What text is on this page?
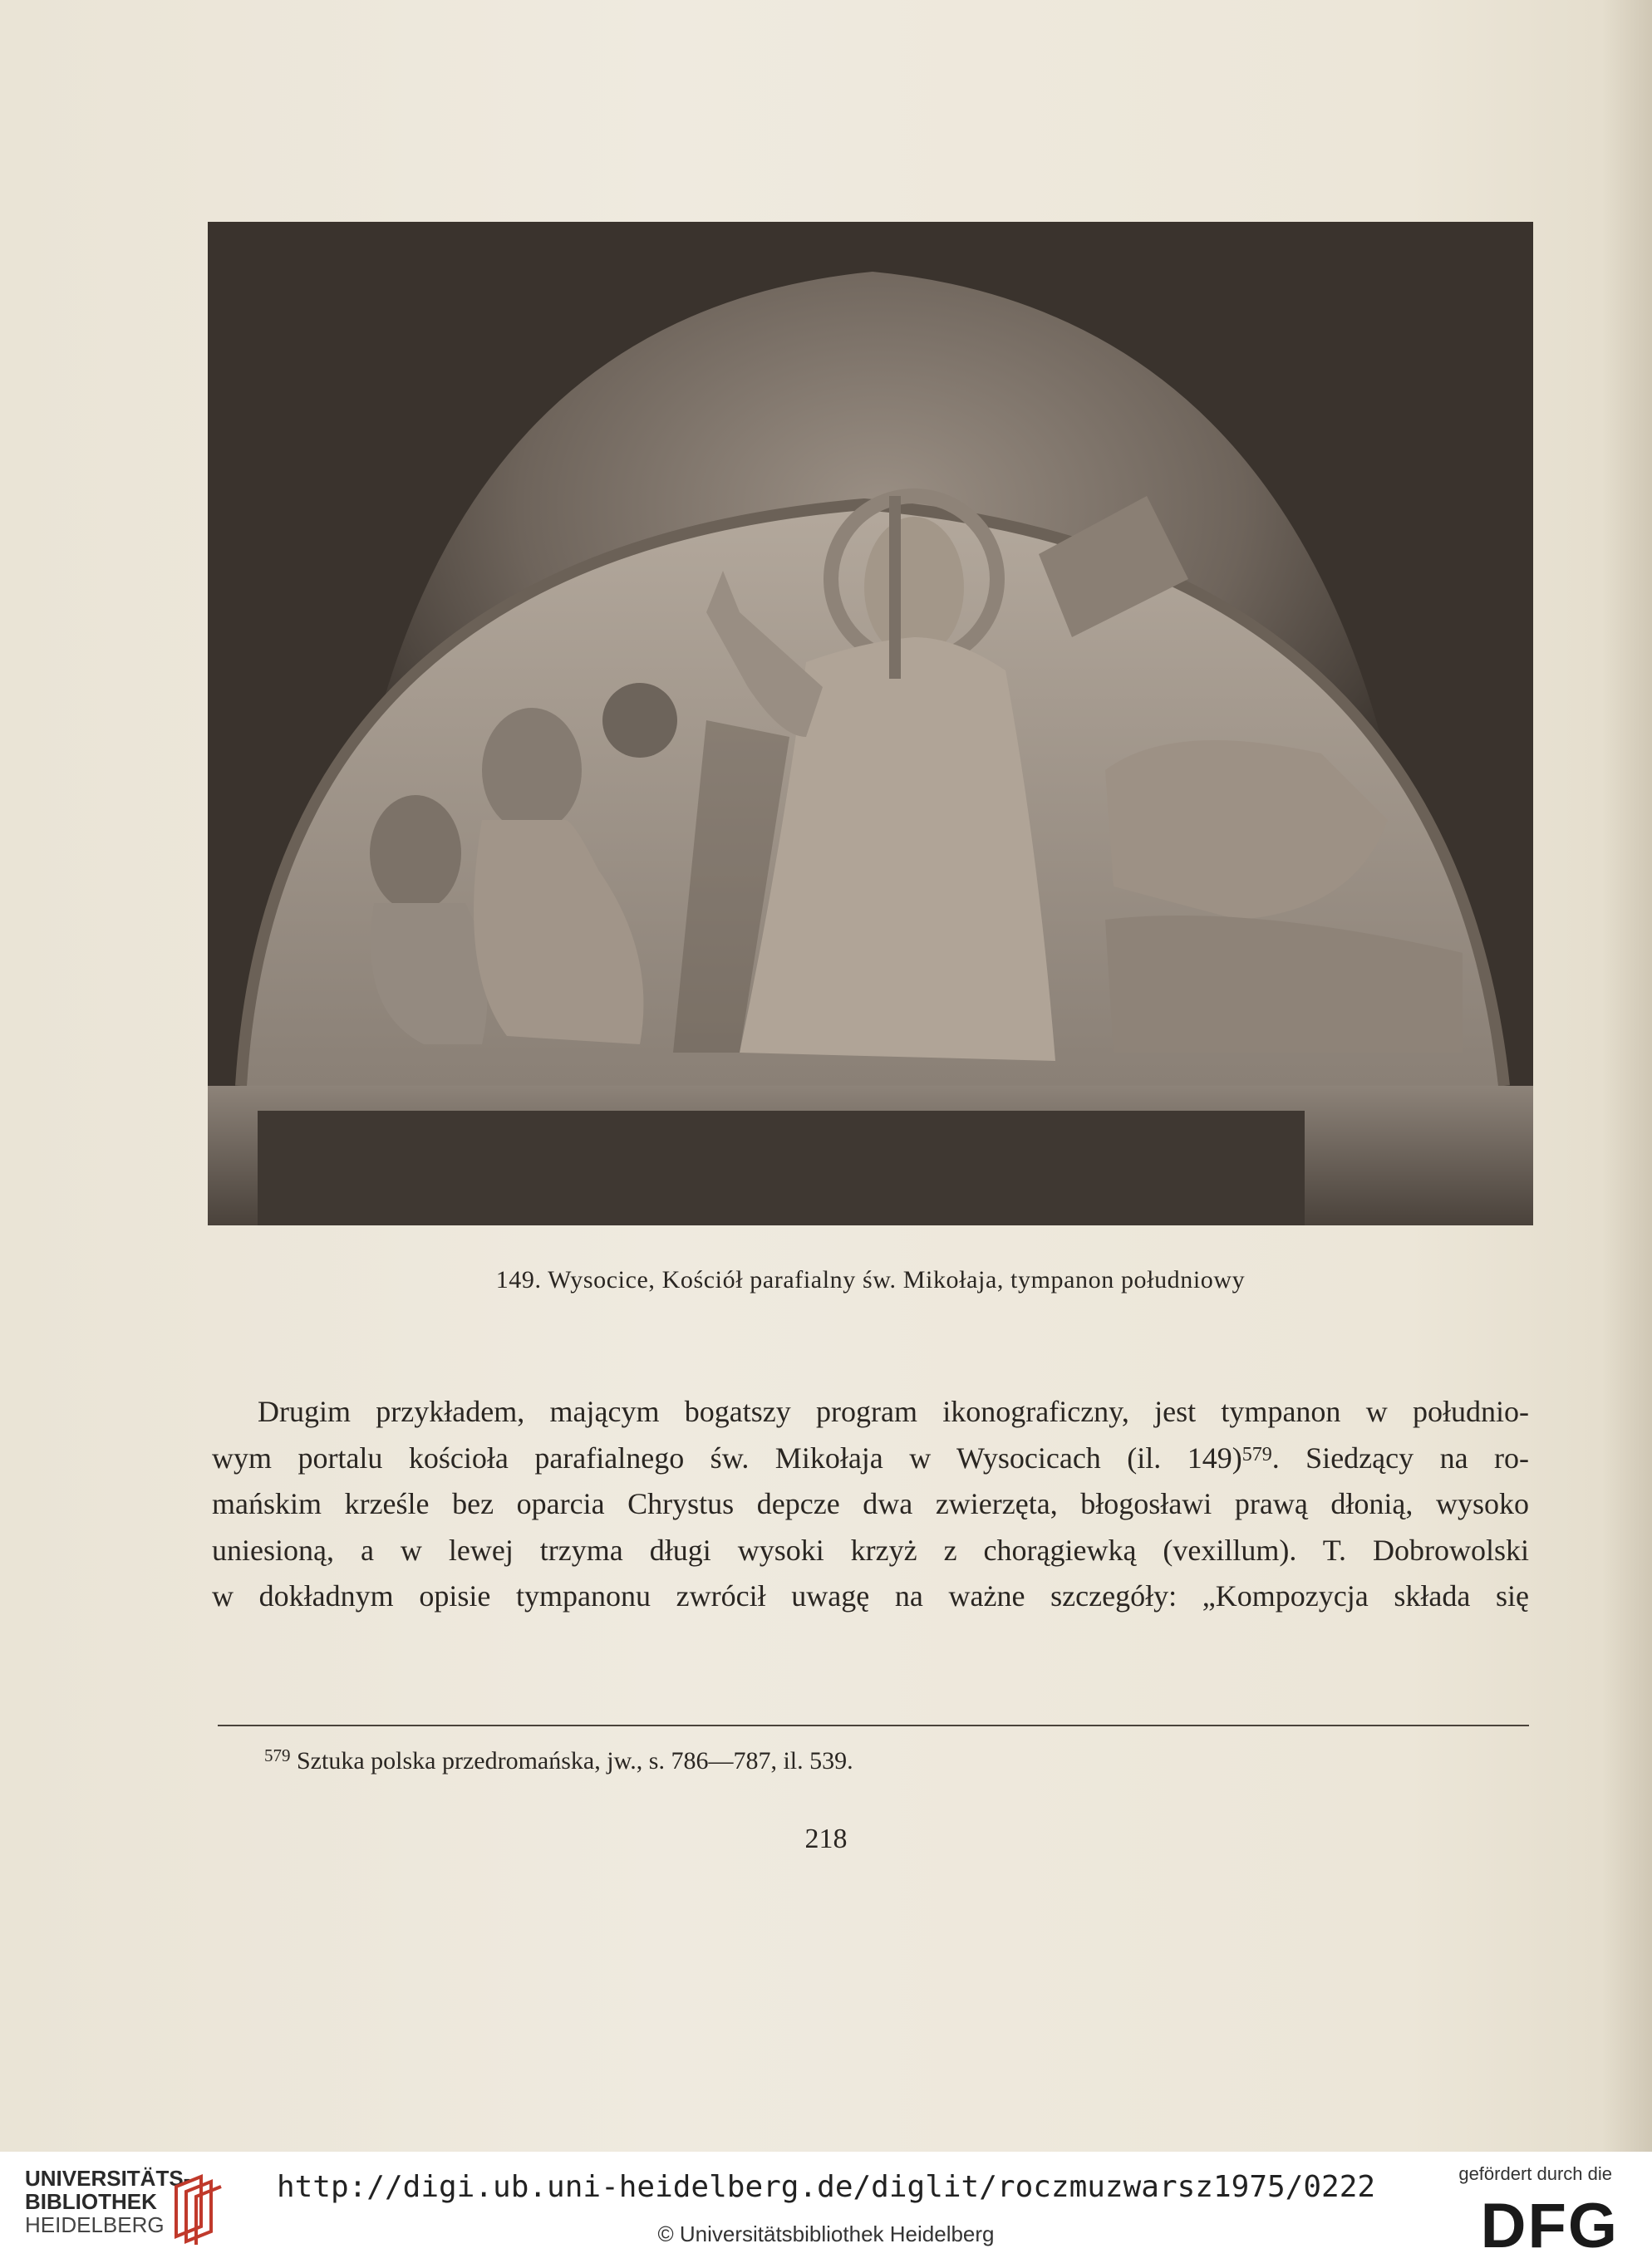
149. Wysocice, Kościół parafialny św. Mikołaja, tympanon południowy
Drugim przykładem, mającym bogatszy program ikonograficzny, jest tympanon w południo-
wym portalu kościoła parafialnego św. Mikołaja w Wysocicach (il. 149)$^{579}$. Siedzący na ro-
mańskim krześle bez oparcia Chrystus depcze dwa zwierzęta, błogosławi prawą dłonią, wysoko
uniesioną, a w lewej trzyma długi wysoki krzyż z chorągiewką (vexillum). T. Dobrowolski
w dokładnym opisie tympanonu zwrócił uwagę na ważne szczegóły: „Kompozycja składa się
$^{579}$ Sztuka polska przedromańska, jw., s. 786—787, il. 539.
218
UNIVERSITÄTS-
BIBLIOTHEK
HEIDELBERG
http://digi.ub.uni-heidelberg.de/diglit/roczmuzwarsz1975/0222
© Universitätsbibliothek Heidelberg
gefördert durch die
DFG
